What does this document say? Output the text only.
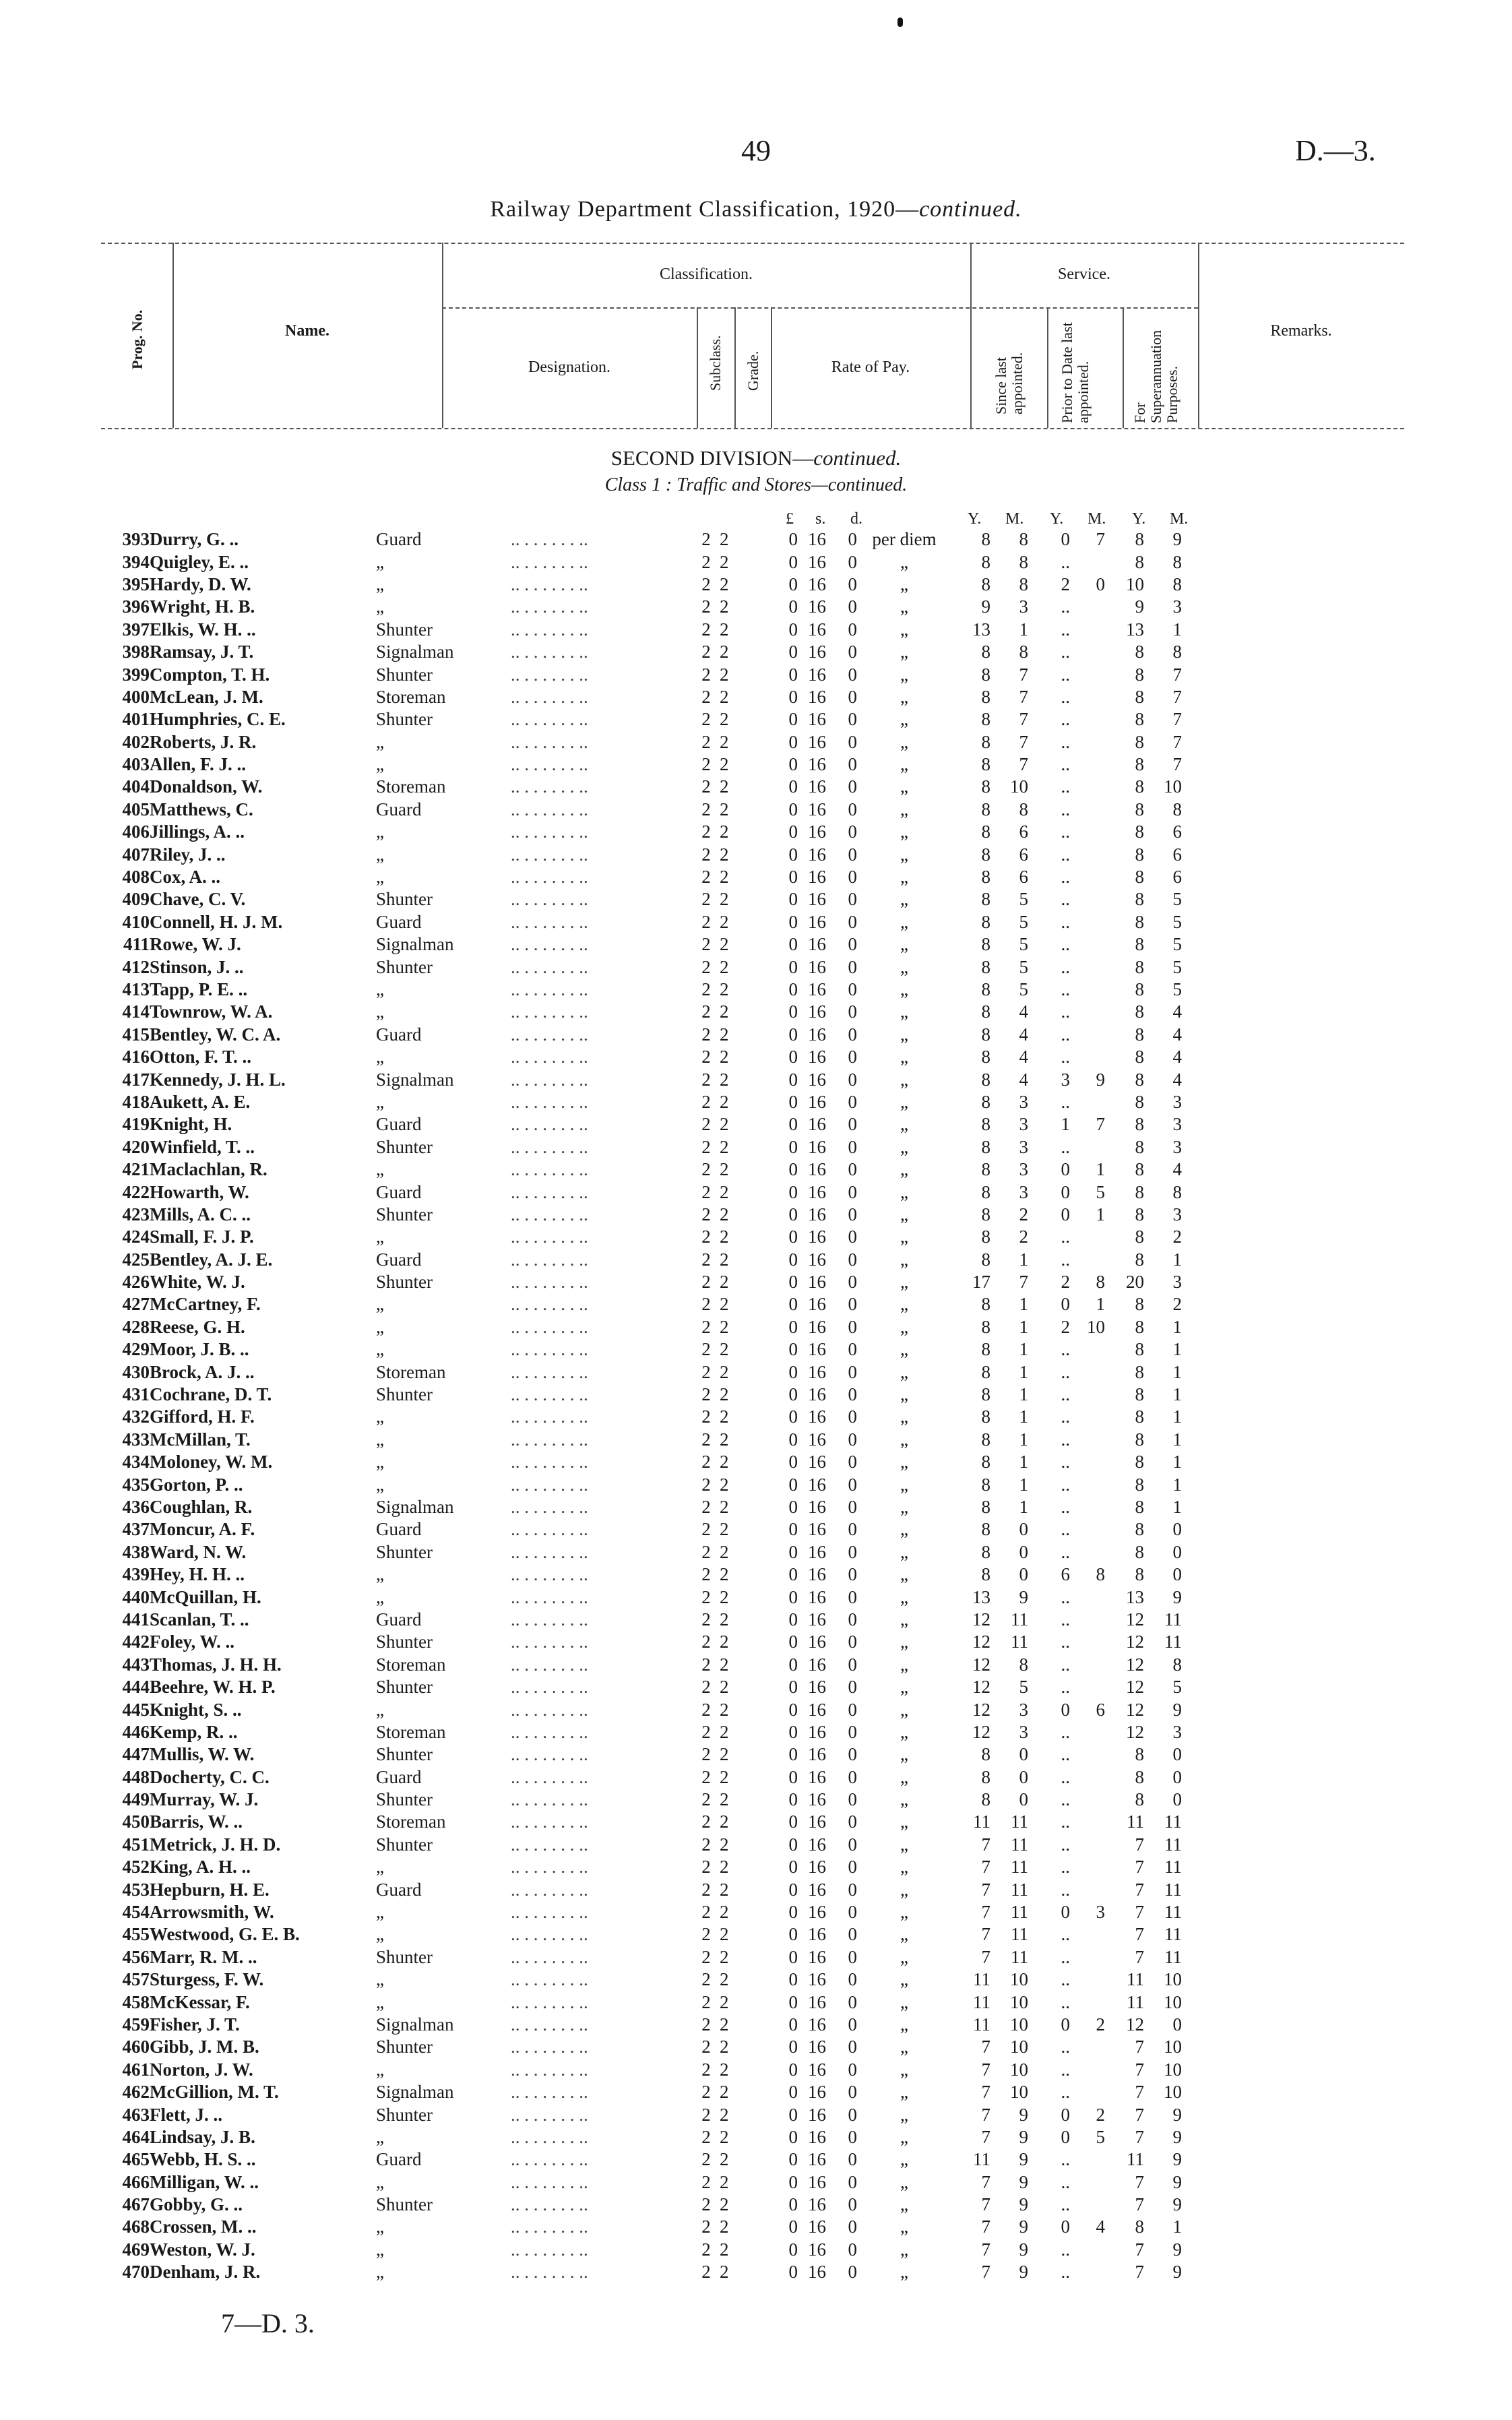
49	D.—3.
Railway Department Classification, 1920—continued.
Prog. No.	Name.
Classification.	Service.
Designation.	Subclass. Grade.	Rate of Pay.	Since last appointed. Prior to Date last appointed.	For Superannuation Purposes.
Remarks.
SECOND DIVISION—continued.
Class 1 : Traffic and Stores—continued.
£ s. d.	Y. M. Y. M. Y. M.
393	Durry, G. ..	Guard	.. . . . . . . ..	2	2	0	16	0	per diem	8	8	0	7	8	9
394	Quigley, E. ..	„	.. . . . . . . ..	2	2	0	16	0	„	8	8	..		8	8
395	Hardy, D. W.	„	.. . . . . . . ..	2	2	0	16	0	„	8	8	2	0	10	8
396	Wright, H. B.	„	.. . . . . . . ..	2	2	0	16	0	„	9	3	..		9	3
397	Elkis, W. H. ..	Shunter	.. . . . . . . ..	2	2	0	16	0	„	13	1	..		13	1
398	Ramsay, J. T.	Signalman	.. . . . . . . ..	2	2	0	16	0	„	8	8	..		8	8
399	Compton, T. H.	Shunter	.. . . . . . . ..	2	2	0	16	0	„	8	7	..		8	7
400	McLean, J. M.	Storeman	.. . . . . . . ..	2	2	0	16	0	„	8	7	..		8	7
401	Humphries, C. E.	Shunter	.. . . . . . . ..	2	2	0	16	0	„	8	7	..		8	7
402	Roberts, J. R.	„	.. . . . . . . ..	2	2	0	16	0	„	8	7	..		8	7
403	Allen, F. J. ..	„	.. . . . . . . ..	2	2	0	16	0	„	8	7	..		8	7
404	Donaldson, W.	Storeman	.. . . . . . . ..	2	2	0	16	0	„	8	10	..		8	10
405	Matthews, C.	Guard	.. . . . . . . ..	2	2	0	16	0	„	8	8	..		8	8
406	Jillings, A. ..	„	.. . . . . . . ..	2	2	0	16	0	„	8	6	..		8	6
407	Riley, J. ..	„	.. . . . . . . ..	2	2	0	16	0	„	8	6	..		8	6
408	Cox, A. ..	„	.. . . . . . . ..	2	2	0	16	0	„	8	6	..		8	6
409	Chave, C. V.	Shunter	.. . . . . . . ..	2	2	0	16	0	„	8	5	..		8	5
410	Connell, H. J. M.	Guard	.. . . . . . . ..	2	2	0	16	0	„	8	5	..		8	5
411	Rowe, W. J.	Signalman	.. . . . . . . ..	2	2	0	16	0	„	8	5	..		8	5
412	Stinson, J. ..	Shunter	.. . . . . . . ..	2	2	0	16	0	„	8	5	..		8	5
413	Tapp, P. E. ..	„	.. . . . . . . ..	2	2	0	16	0	„	8	5	..		8	5
414	Townrow, W. A.	„	.. . . . . . . ..	2	2	0	16	0	„	8	4	..		8	4
415	Bentley, W. C. A.	Guard	.. . . . . . . ..	2	2	0	16	0	„	8	4	..		8	4
416	Otton, F. T. ..	„	.. . . . . . . ..	2	2	0	16	0	„	8	4	..		8	4
417	Kennedy, J. H. L.	Signalman	.. . . . . . . ..	2	2	0	16	0	„	8	4	3	9	8	4
418	Aukett, A. E.	„	.. . . . . . . ..	2	2	0	16	0	„	8	3	..		8	3
419	Knight, H.	Guard	.. . . . . . . ..	2	2	0	16	0	„	8	3	1	7	8	3
420	Winfield, T. ..	Shunter	.. . . . . . . ..	2	2	0	16	0	„	8	3	..		8	3
421	Maclachlan, R.	„	.. . . . . . . ..	2	2	0	16	0	„	8	3	0	1	8	4
422	Howarth, W.	Guard	.. . . . . . . ..	2	2	0	16	0	„	8	3	0	5	8	8
423	Mills, A. C. ..	Shunter	.. . . . . . . ..	2	2	0	16	0	„	8	2	0	1	8	3
424	Small, F. J. P.	„	.. . . . . . . ..	2	2	0	16	0	„	8	2	..		8	2
425	Bentley, A. J. E.	Guard	.. . . . . . . ..	2	2	0	16	0	„	8	1	..		8	1
426	White, W. J.	Shunter	.. . . . . . . ..	2	2	0	16	0	„	17	7	2	8	20	3
427	McCartney, F.	„	.. . . . . . . ..	2	2	0	16	0	„	8	1	0	1	8	2
428	Reese, G. H.	„	.. . . . . . . ..	2	2	0	16	0	„	8	1	2	10	8	1
429	Moor, J. B. ..	„	.. . . . . . . ..	2	2	0	16	0	„	8	1	..		8	1
430	Brock, A. J. ..	Storeman	.. . . . . . . ..	2	2	0	16	0	„	8	1	..		8	1
431	Cochrane, D. T.	Shunter	.. . . . . . . ..	2	2	0	16	0	„	8	1	..		8	1
432	Gifford, H. F.	„	.. . . . . . . ..	2	2	0	16	0	„	8	1	..		8	1
433	McMillan, T.	„	.. . . . . . . ..	2	2	0	16	0	„	8	1	..		8	1
434	Moloney, W. M.	„	.. . . . . . . ..	2	2	0	16	0	„	8	1	..		8	1
435	Gorton, P. ..	„	.. . . . . . . ..	2	2	0	16	0	„	8	1	..		8	1
436	Coughlan, R.	Signalman	.. . . . . . . ..	2	2	0	16	0	„	8	1	..		8	1
437	Moncur, A. F.	Guard	.. . . . . . . ..	2	2	0	16	0	„	8	0	..		8	0
438	Ward, N. W.	Shunter	.. . . . . . . ..	2	2	0	16	0	„	8	0	..		8	0
439	Hey, H. H. ..	„	.. . . . . . . ..	2	2	0	16	0	„	8	0	6	8	8	0
440	McQuillan, H.	„	.. . . . . . . ..	2	2	0	16	0	„	13	9	..		13	9
441	Scanlan, T. ..	Guard	.. . . . . . . ..	2	2	0	16	0	„	12	11	..		12	11
442	Foley, W. ..	Shunter	.. . . . . . . ..	2	2	0	16	0	„	12	11	..		12	11
443	Thomas, J. H. H.	Storeman	.. . . . . . . ..	2	2	0	16	0	„	12	8	..		12	8
444	Beehre, W. H. P.	Shunter	.. . . . . . . ..	2	2	0	16	0	„	12	5	..		12	5
445	Knight, S. ..	„	.. . . . . . . ..	2	2	0	16	0	„	12	3	0	6	12	9
446	Kemp, R. ..	Storeman	.. . . . . . . ..	2	2	0	16	0	„	12	3	..		12	3
447	Mullis, W. W.	Shunter	.. . . . . . . ..	2	2	0	16	0	„	8	0	..		8	0
448	Docherty, C. C.	Guard	.. . . . . . . ..	2	2	0	16	0	„	8	0	..		8	0
449	Murray, W. J.	Shunter	.. . . . . . . ..	2	2	0	16	0	„	8	0	..		8	0
450	Barris, W. ..	Storeman	.. . . . . . . ..	2	2	0	16	0	„	11	11	..		11	11
451	Metrick, J. H. D.	Shunter	.. . . . . . . ..	2	2	0	16	0	„	7	11	..		7	11
452	King, A. H. ..	„	.. . . . . . . ..	2	2	0	16	0	„	7	11	..		7	11
453	Hepburn, H. E.	Guard	.. . . . . . . ..	2	2	0	16	0	„	7	11	..		7	11
454	Arrowsmith, W.	„	.. . . . . . . ..	2	2	0	16	0	„	7	11	0	3	7	11
455	Westwood, G. E. B.	„	.. . . . . . . ..	2	2	0	16	0	„	7	11	..		7	11
456	Marr, R. M. ..	Shunter	.. . . . . . . ..	2	2	0	16	0	„	7	11	..		7	11
457	Sturgess, F. W.	„	.. . . . . . . ..	2	2	0	16	0	„	11	10	..		11	10
458	McKessar, F.	„	.. . . . . . . ..	2	2	0	16	0	„	11	10	..		11	10
459	Fisher, J. T.	Signalman	.. . . . . . . ..	2	2	0	16	0	„	11	10	0	2	12	0
460	Gibb, J. M. B.	Shunter	.. . . . . . . ..	2	2	0	16	0	„	7	10	..		7	10
461	Norton, J. W.	„	.. . . . . . . ..	2	2	0	16	0	„	7	10	..		7	10
462	McGillion, M. T.	Signalman	.. . . . . . . ..	2	2	0	16	0	„	7	10	..		7	10
463	Flett, J. ..	Shunter	.. . . . . . . ..	2	2	0	16	0	„	7	9	0	2	7	9
464	Lindsay, J. B.	„	.. . . . . . . ..	2	2	0	16	0	„	7	9	0	5	7	9
465	Webb, H. S. ..	Guard	.. . . . . . . ..	2	2	0	16	0	„	11	9	..		11	9
466	Milligan, W. ..	„	.. . . . . . . ..	2	2	0	16	0	„	7	9	..		7	9
467	Gobby, G. ..	Shunter	.. . . . . . . ..	2	2	0	16	0	„	7	9	..		7	9
468	Crossen, M. ..	„	.. . . . . . . ..	2	2	0	16	0	„	7	9	0	4	8	1
469	Weston, W. J.	„	.. . . . . . . ..	2	2	0	16	0	„	7	9	..		7	9
470	Denham, J. R.	„	.. . . . . . . ..	2	2	0	16	0	„	7	9	..		7	9
7—D. 3.
